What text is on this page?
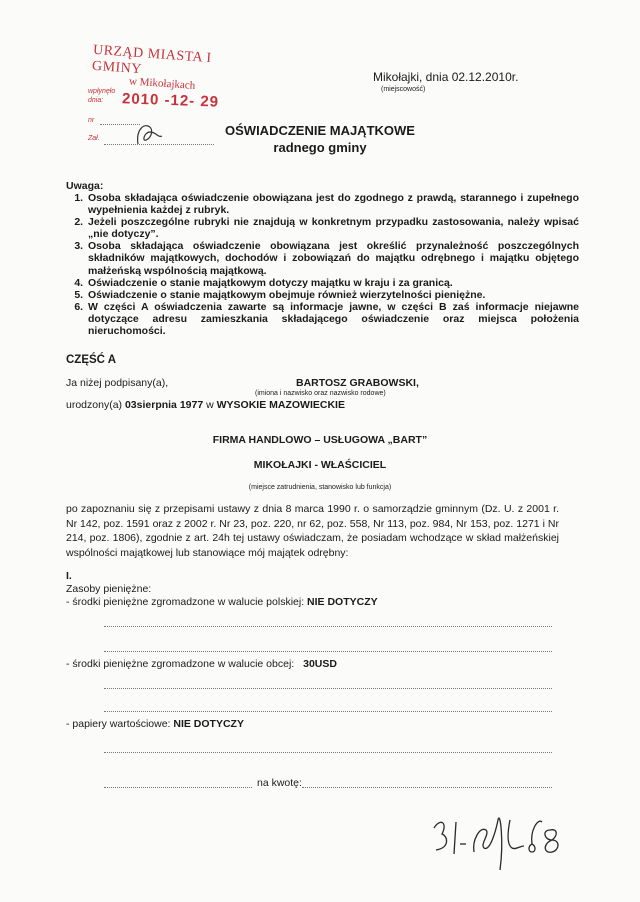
URZĄD MIASTA I GMINY
w Mikołajkach
wpłynęło
dnia: 2010 -12- 29
nr
Zał.
Mikołajki, dnia 02.12.2010r.
(miejscowość)
OŚWIADCZENIE MAJĄTKOWE
radnego gminy
Uwaga:
1. Osoba składająca oświadczenie obowiązana jest do zgodnego z prawdą, starannego i zupełnego wypełnienia każdej z rubryk.
2. Jeżeli poszczególne rubryki nie znajdują w konkretnym przypadku zastosowania, należy wpisać „nie dotyczy”.
3. Osoba składająca oświadczenie obowiązana jest określić przynależność poszczególnych składników majątkowych, dochodów i zobowiązań do majątku odrębnego i majątku objętego małżeńską wspólnością majątkową.
4. Oświadczenie o stanie majątkowym dotyczy majątku w kraju i za granicą.
5. Oświadczenie o stanie majątkowym obejmuje również wierzytelności pieniężne.
6. W części A oświadczenia zawarte są informacje jawne, w części B zaś informacje niejawne dotyczące adresu zamieszkania składającego oświadczenie oraz miejsca położenia nieruchomości.
CZĘŚĆ A
Ja niżej podpisany(a),	BARTOSZ GRABOWSKI,
(imiona i nazwisko oraz nazwisko rodowe)
urodzony(a) 03sierpnia 1977 w WYSOKIE MAZOWIECKIE
FIRMA HANDLOWO – USŁUGOWA „BART”
MIKOŁAJKI - WŁAŚCICIEL
(miejsce zatrudnienia, stanowisko lub funkcja)
po zapoznaniu się z przepisami ustawy z dnia 8 marca 1990 r. o samorządzie gminnym (Dz. U. z 2001 r. Nr 142, poz. 1591 oraz z 2002 r. Nr 23, poz. 220, nr 62, poz. 558, Nr 113, poz. 984, Nr 153, poz. 1271 i Nr 214, poz. 1806), zgodnie z art. 24h tej ustawy oświadczam, że posiadam wchodzące w skład małżeńskiej wspólności majątkowej lub stanowiące mój majątek odrębny:
I.
Zasoby pieniężne:
- środki pieniężne zgromadzone w walucie polskiej: NIE DOTYCZY
- środki pieniężne zgromadzone w walucie obcej: 30USD
- papiery wartościowe: NIE DOTYCZY
na kwotę:
